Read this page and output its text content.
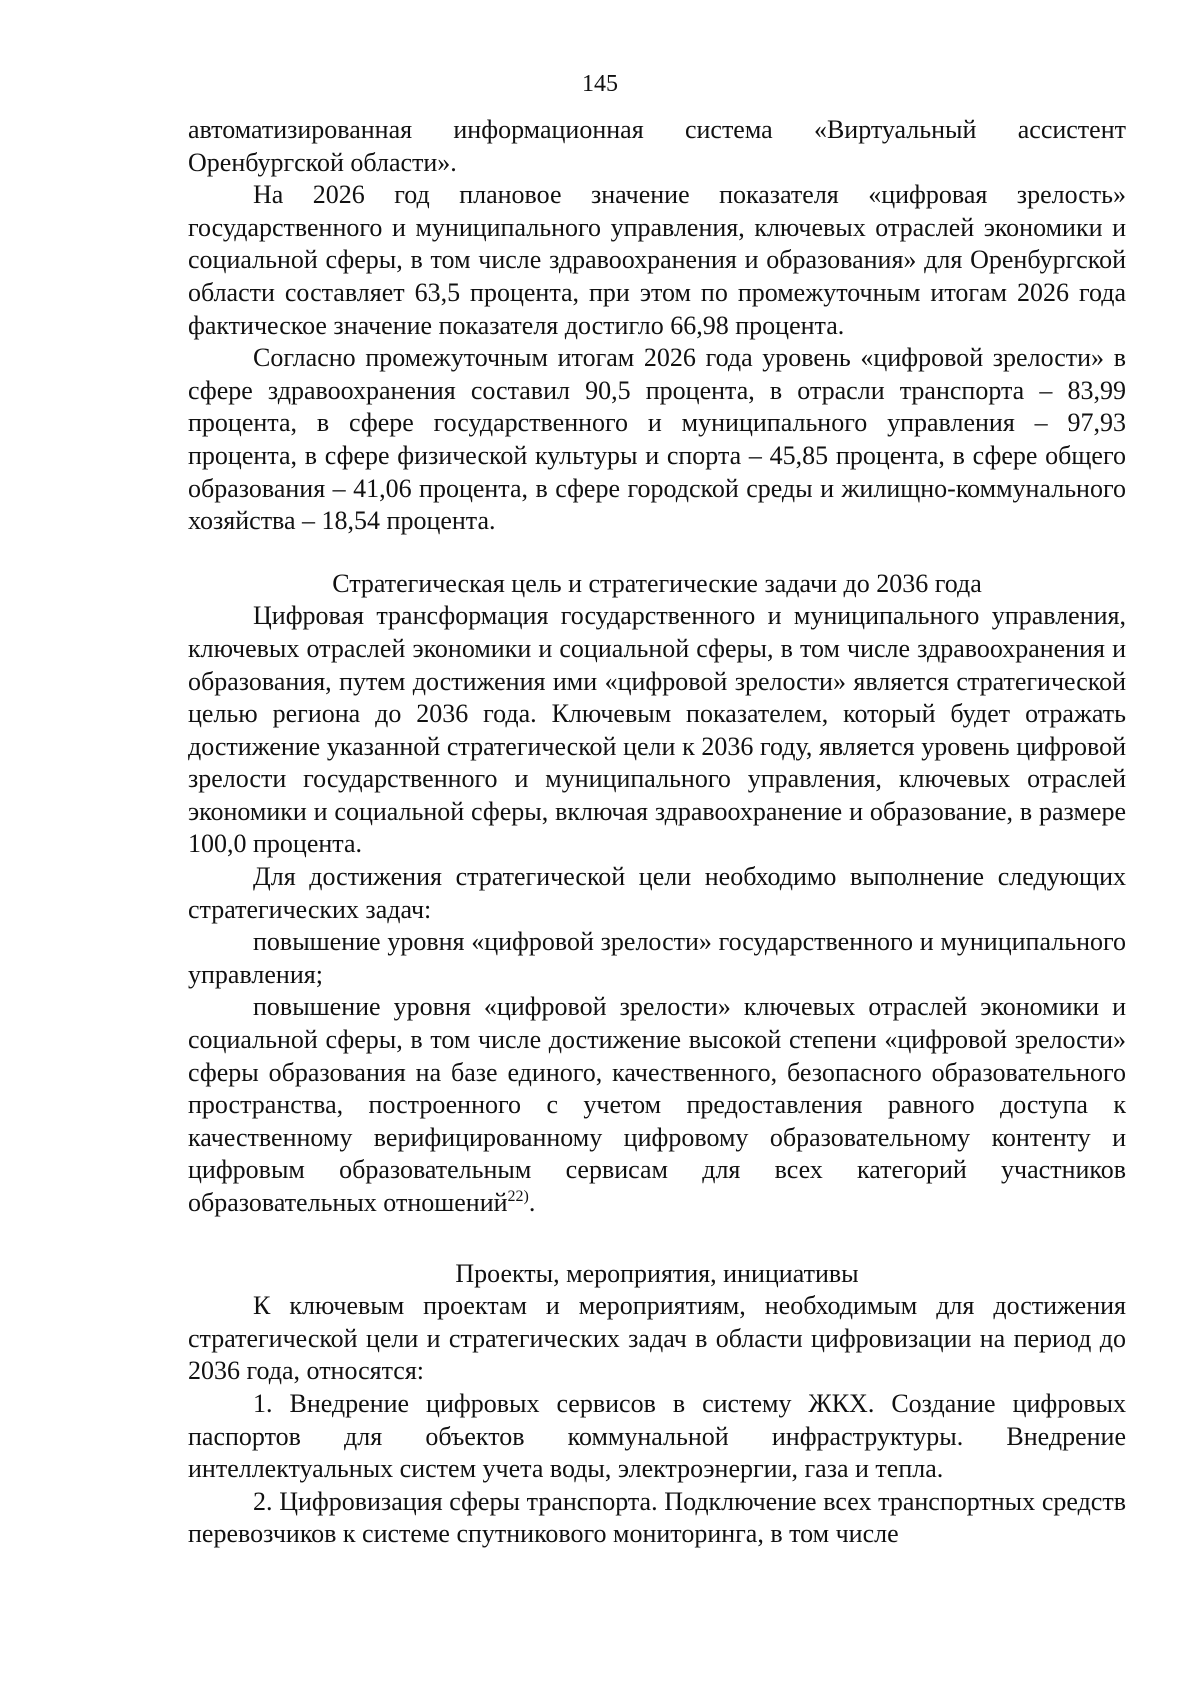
145

автоматизированная информационная система «Виртуальный ассистент Оренбургской области».

На 2026 год плановое значение показателя «цифровая зрелость» государственного и муниципального управления, ключевых отраслей экономики и социальной сферы, в том числе здравоохранения и образования» для Оренбургской области составляет 63,5 процента, при этом по промежуточным итогам 2026 года фактическое значение показателя достигло 66,98 процента.

Согласно промежуточным итогам 2026 года уровень «цифровой зрелости» в сфере здравоохранения составил 90,5 процента, в отрасли транспорта – 83,99 процента, в сфере государственного и муниципального управления – 97,93 процента, в сфере физической культуры и спорта – 45,85 процента, в сфере общего образования – 41,06 процента, в сфере городской среды и жилищно-коммунального хозяйства – 18,54 процента.

Стратегическая цель и стратегические задачи до 2036 года

Цифровая трансформация государственного и муниципального управления, ключевых отраслей экономики и социальной сферы, в том числе здравоохранения и образования, путем достижения ими «цифровой зрелости» является стратегической целью региона до 2036 года. Ключевым показателем, который будет отражать достижение указанной стратегической цели к 2036 году, является уровень цифровой зрелости государственного и муниципального управления, ключевых отраслей экономики и социальной сферы, включая здравоохранение и образование, в размере 100,0 процента.

Для достижения стратегической цели необходимо выполнение следующих стратегических задач:

повышение уровня «цифровой зрелости» государственного и муниципального управления;

повышение уровня «цифровой зрелости» ключевых отраслей экономики и социальной сферы, в том числе достижение высокой степени «цифровой зрелости» сферы образования на базе единого, качественного, безопасного образовательного пространства, построенного с учетом предоставления равного доступа к качественному верифицированному цифровому образовательному контенту и цифровым образовательным сервисам для всех категорий участников образовательных отношений$^{22)}$.

Проекты, мероприятия, инициативы

К ключевым проектам и мероприятиям, необходимым для достижения стратегической цели и стратегических задач в области цифровизации на период до 2036 года, относятся:

1. Внедрение цифровых сервисов в систему ЖКХ. Создание цифровых паспортов для объектов коммунальной инфраструктуры. Внедрение интеллектуальных систем учета воды, электроэнергии, газа и тепла.

2. Цифровизация сферы транспорта. Подключение всех транспортных средств перевозчиков к системе спутникового мониторинга, в том числе
